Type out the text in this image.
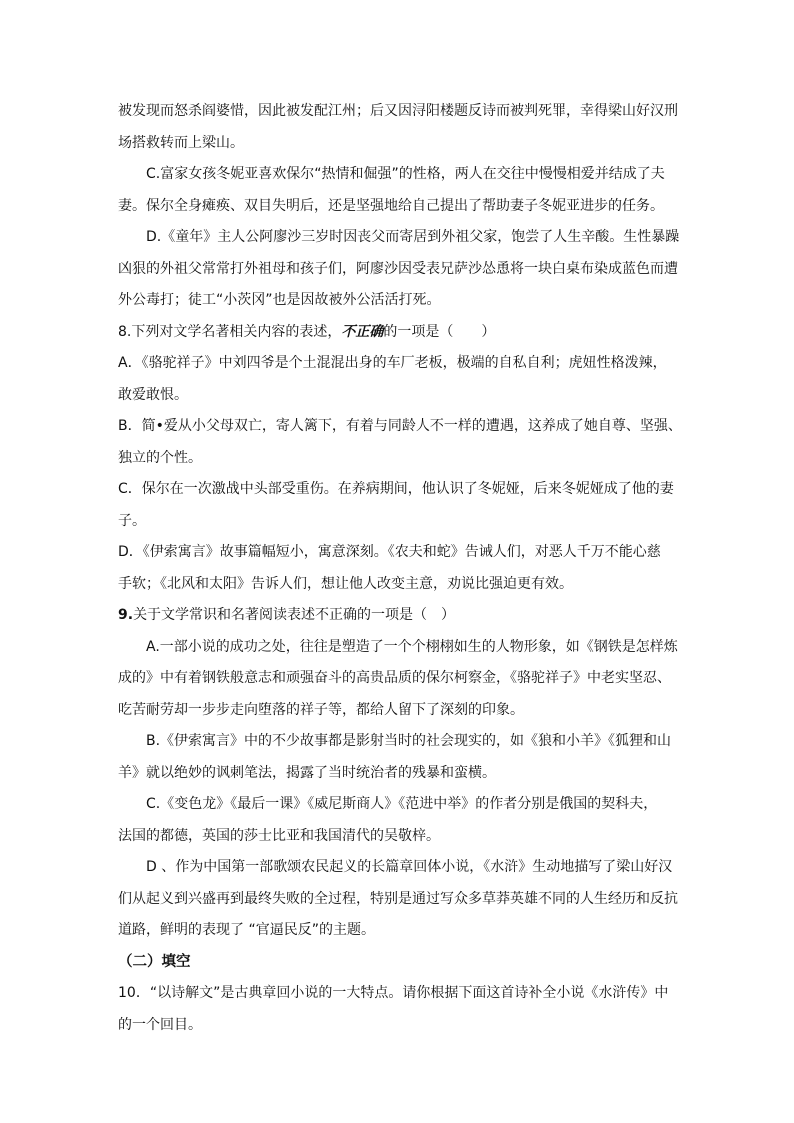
被发现而怒杀阎婆惜，因此被发配江州；后又因浔阳楼题反诗而被判死罪，幸得梁山好汉刑
场搭救转而上梁山。

C.富家女孩冬妮亚喜欢保尔“热情和倔强”的性格，两人在交往中慢慢相爱并结成了夫
妻。保尔全身瘫痪、双目失明后，还是坚强地给自己提出了帮助妻子冬妮亚进步的任务。

D.《童年》主人公阿廖沙三岁时因丧父而寄居到外祖父家，饱尝了人生辛酸。生性暴躁
凶狠的外祖父常常打外祖母和孩子们，阿廖沙因受表兄萨沙怂恿将一块白桌布染成蓝色而遭
外公毒打；徒工“小茨冈”也是因故被外公活活打死。

8.下列对文学名著相关内容的表述，不正确的一项是（　　）

A．《骆驼祥子》中刘四爷是个土混混出身的车厂老板，极端的自私自利；虎妞性格泼辣，
敢爱敢恨。

B．简•爱从小父母双亡，寄人篱下，有着与同龄人不一样的遭遇，这养成了她自尊、坚强、
独立的个性。

C．保尔在一次激战中头部受重伤。在养病期间，他认识了冬妮娅，后来冬妮娅成了他的妻
子。

D．《伊索寓言》故事篇幅短小，寓意深刻。《农夫和蛇》告诫人们，对恶人千万不能心慈
手软；《北风和太阳》告诉人们，想让他人改变主意，劝说比强迫更有效。

9.关于文学常识和名著阅读表述不正确的一项是（　）

A.一部小说的成功之处，往往是塑造了一个个栩栩如生的人物形象，如《钢铁是怎样炼
成的》中有着钢铁般意志和顽强奋斗的高贵品质的保尔柯察金，《骆驼祥子》中老实坚忍、
吃苦耐劳却一步步走向堕落的祥子等，都给人留下了深刻的印象。

B.《伊索寓言》中的不少故事都是影射当时的社会现实的，如《狼和小羊》《狐狸和山
羊》就以绝妙的讽刺笔法，揭露了当时统治者的残暴和蛮横。

C.《变色龙》《最后一课》《威尼斯商人》《范进中举》的作者分别是俄国的契科夫，
法国的都德，英国的莎士比亚和我国清代的吴敬梓。

D 、作为中国第一部歌颂农民起义的长篇章回体小说，《水浒》生动地描写了梁山好汉
们从起义到兴盛再到最终失败的全过程，特别是通过写众多草莽英雄不同的人生经历和反抗
道路，鲜明的表现了 “官逼民反”的主题。

（二）填空

10．“以诗解文”是古典章回小说的一大特点。请你根据下面这首诗补全小说《水浒传》中
的一个回目。
